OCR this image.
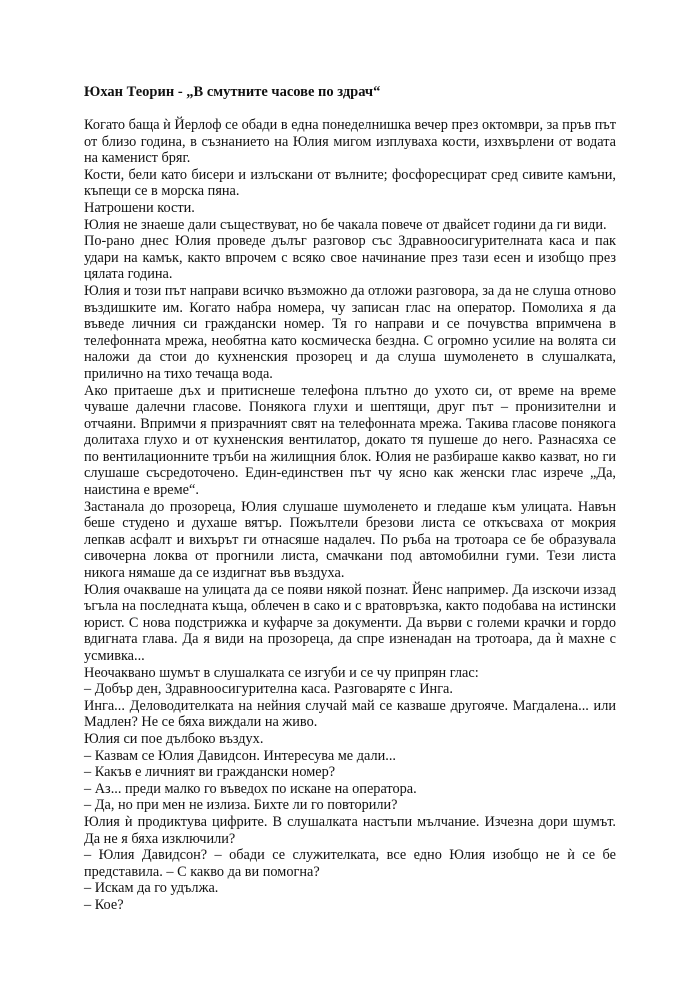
Юхан Теорин - „В смутните часове по здрач“

Когато баща ѝ Йерлоф се обади в една понеделнишка вечер през октомври, за пръв път от близо година, в съзнанието на Юлия мигом изплуваха кости, изхвърлени от водата на каменист бряг.

Кости, бели като бисери и излъскани от вълните; фосфоресцират сред сивите камъни, къпещи се в морска пяна.

Натрошени кости.

Юлия не знаеше дали съществуват, но бе чакала повече от двайсет години да ги види.

По-рано днес Юлия проведе дълъг разговор със Здравноосигурителната каса и пак удари на камък, както впрочем с всяко свое начинание през тази есен и изобщо през цялата година.

Юлия и този път направи всичко възможно да отложи разговора, за да не слуша отново въздишките им. Когато набра номера, чу записан глас на оператор. Помолиха я да въведе личния си граждански номер. Тя го направи и се почувства впримчена в телефонната мрежа, необятна като космическа бездна. С огромно усилие на волята си наложи да стои до кухненския прозорец и да слуша шумоленето в слушалката, прилично на тихо течаща вода.

Ако притаеше дъх и притиснеше телефона плътно до ухото си, от време на време чуваше далечни гласове. Понякога глухи и шептящи, друг път – пронизителни и отчаяни. Впримчи я призрачният свят на телефонната мрежа. Такива гласове понякога долитаха глухо и от кухненския вентилатор, докато тя пушеше до него. Разнасяха се по вентилационните тръби на жилищния блок. Юлия не разбираше какво казват, но ги слушаше съсредоточено. Един-единствен път чу ясно как женски глас изрече „Да, наистина е време“.

Застанала до прозореца, Юлия слушаше шумоленето и гледаше към улицата. Навън беше студено и духаше вятър. Пожълтели брезови листа се откъсваха от мокрия лепкав асфалт и вихърът ги отнасяше надалеч. По ръба на тротоара се бе образувала сивочерна локва от прогнили листа, смачкани под автомобилни гуми. Тези листа никога нямаше да се издигнат във въздуха.

Юлия очакваше на улицата да се появи някой познат. Йенс например. Да изскочи иззад ъгъла на последната къща, облечен в сако и с вратовръзка, както подобава на истински юрист. С нова подстрижка и куфарче за документи. Да върви с големи крачки и гордо вдигната глава. Да я види на прозореца, да спре изненадан на тротоара, да ѝ махне с усмивка...

Неочаквано шумът в слушалката се изгуби и се чу припрян глас:

– Добър ден, Здравноосигурителна каса. Разговаряте с Инга.

Инга... Деловодителката на нейния случай май се казваше другояче. Магдалена... или Мадлен? Не се бяха виждали на живо.

Юлия си пое дълбоко въздух.

– Казвам се Юлия Давидсон. Интересува ме дали...

– Какъв е личният ви граждански номер?

– Аз... преди малко го въведох по искане на оператора.

– Да, но при мен не излиза. Бихте ли го повторили?

Юлия ѝ продиктува цифрите. В слушалката настъпи мълчание. Изчезна дори шумът. Да не я бяха изключили?

– Юлия Давидсон? – обади се служителката, все едно Юлия изобщо не ѝ се бе представила. – С какво да ви помогна?

– Искам да го удължа.

– Кое?
